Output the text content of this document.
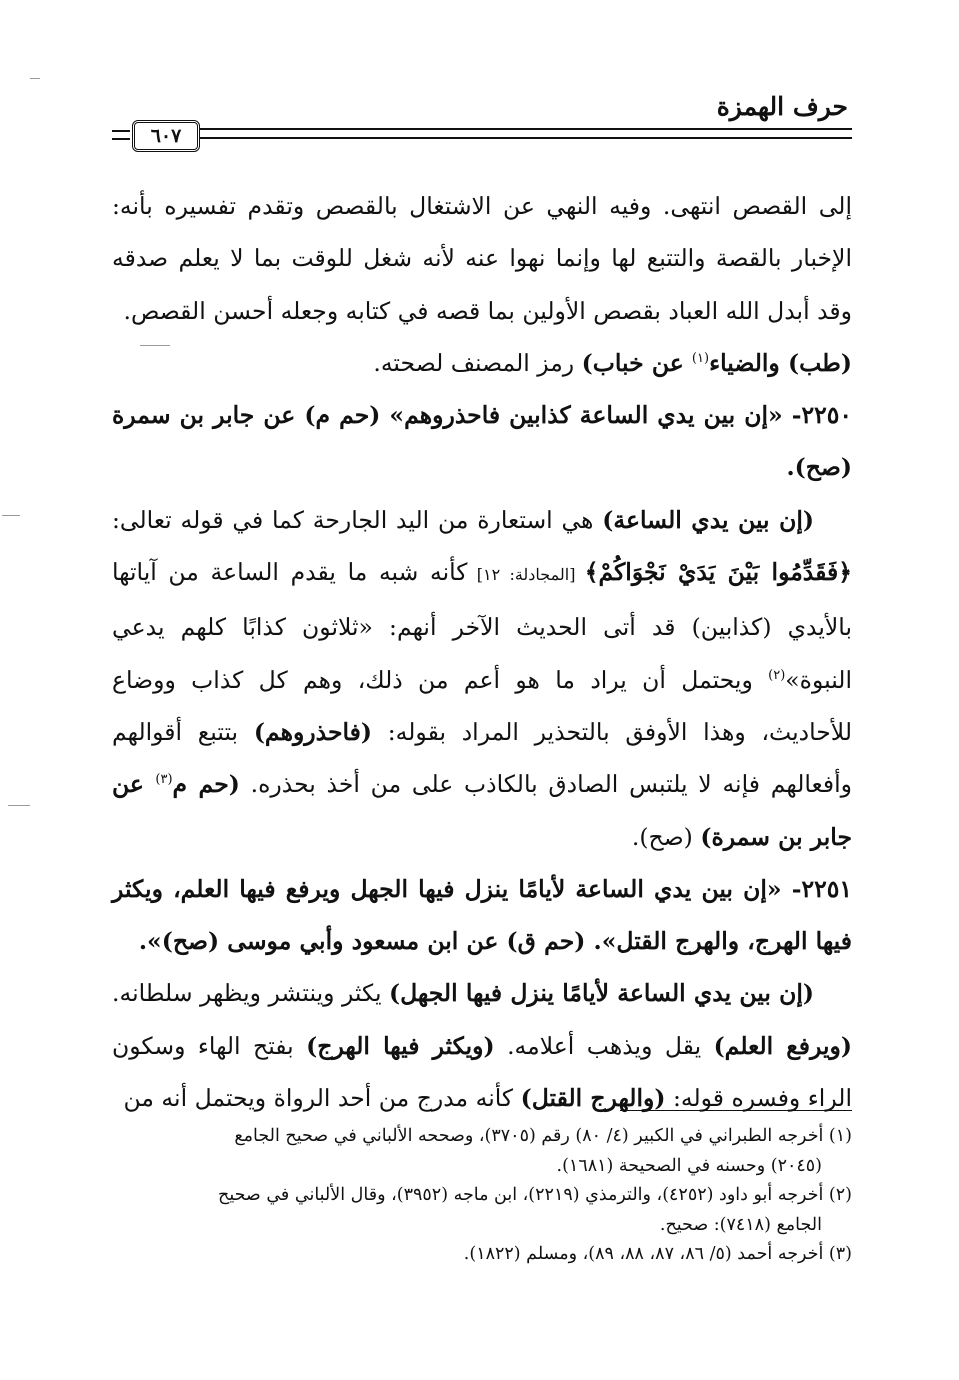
حرف الهمزة
٦٠٧

إلى القصص انتهى. وفيه النهي عن الاشتغال بالقصص وتقدم تفسيره بأنه: الإخبار بالقصة والتتبع لها وإنما نهوا عنه لأنه شغل للوقت بما لا يعلم صدقه وقد أبدل الله العباد بقصص الأولين بما قصه في كتابه وجعله أحسن القصص.
(طب) والضياء$^{(١)}$ عن خباب) رمز المصنف لصحته.

٢٢٥٠- «إن بين يدي الساعة كذابين فاحذروهم» (حم م) عن جابر بن سمرة (صح).

(إن بين يدي الساعة) هي استعارة من اليد الجارحة كما في قوله تعالى: ﴿فَقَدِّمُوا بَيْنَ يَدَيْ نَجْوَاكُمْ﴾ [المجادلة: ١٢] كأنه شبه ما يقدم الساعة من آياتها بالأيدي (كذابين) قد أتى الحديث الآخر أنهم: «ثلاثون كذابًا كلهم يدعي النبوة»$^{(٢)}$ ويحتمل أن يراد ما هو أعم من ذلك، وهم كل كذاب ووضاع للأحاديث، وهذا الأوفق بالتحذير المراد بقوله: (فاحذروهم) بتتبع أقوالهم وأفعالهم فإنه لا يلتبس الصادق بالكاذب على من أخذ بحذره. (حم م$^{(٣)}$ عن جابر بن سمرة) (صح).

٢٢٥١- «إن بين يدي الساعة لأيامًا ينزل فيها الجهل ويرفع فيها العلم، ويكثر فيها الهرج، والهرج القتل». (حم ق) عن ابن مسعود وأبي موسى (صح)».

(إن بين يدي الساعة لأيامًا ينزل فيها الجهل) يكثر وينتشر ويظهر سلطانه. (ويرفع العلم) يقل ويذهب أعلامه. (ويكثر فيها الهرج) بفتح الهاء وسكون الراء وفسره قوله: (والهرج القتل) كأنه مدرج من أحد الرواة ويحتمل أنه من

(١) أخرجه الطبراني في الكبير (٤/ ٨٠) رقم (٣٧٠٥)، وصححه الألباني في صحيح الجامع

(٢٠٤٥) وحسنه في الصحيحة (١٦٨١).

(٢) أخرجه أبو داود (٤٢٥٢)، والترمذي (٢٢١٩)، ابن ماجه (٣٩٥٢)، وقال الألباني في صحيح

الجامع (٧٤١٨): صحيح.

(٣) أخرجه أحمد (٥/ ٨٦، ٨٧، ٨٨، ٨٩)، ومسلم (١٨٢٢).
